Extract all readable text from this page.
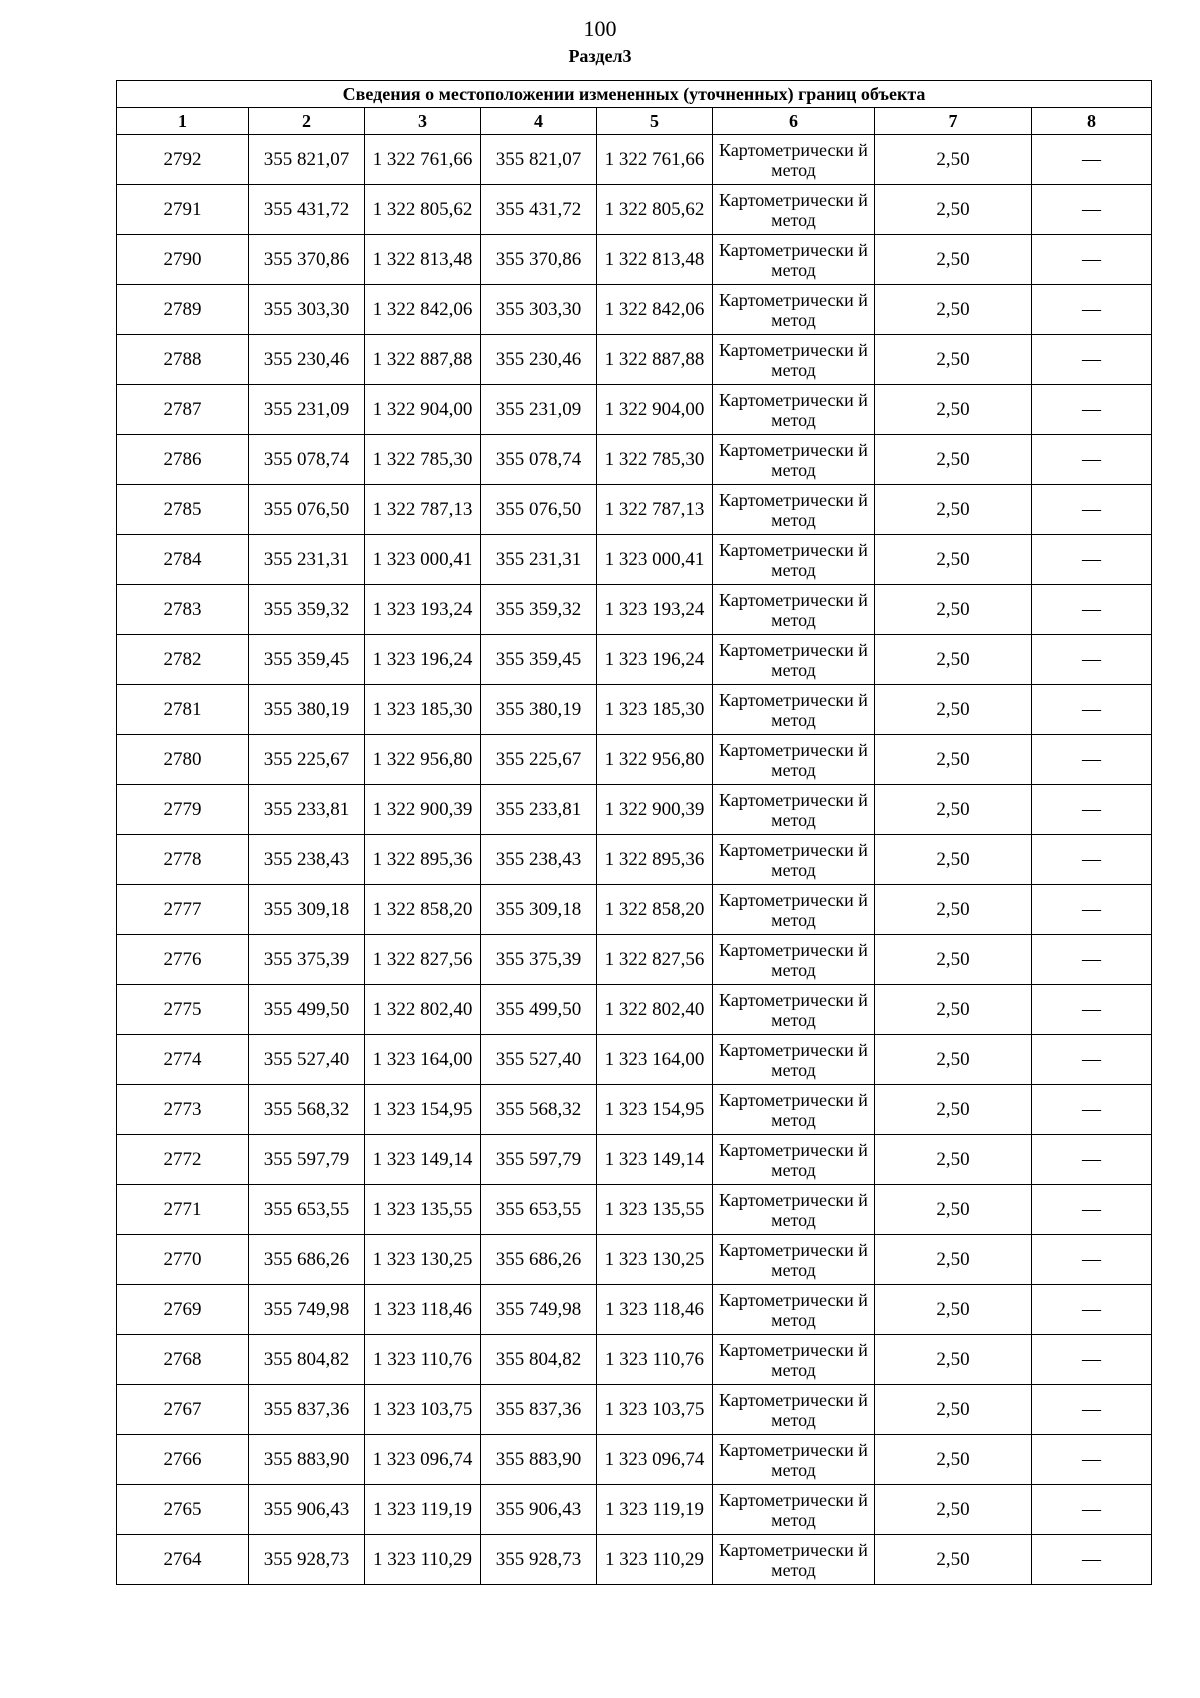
100
Раздел3
Сведения о местоположении измененных (уточненных) границ объекта							
1	2	3	4	5	6	7	8
2792	355 821,07	1 322 761,66	355 821,07	1 322 761,66	Картометрически й метод	2,50	—
2791	355 431,72	1 322 805,62	355 431,72	1 322 805,62	Картометрически й метод	2,50	—
2790	355 370,86	1 322 813,48	355 370,86	1 322 813,48	Картометрически й метод	2,50	—
2789	355 303,30	1 322 842,06	355 303,30	1 322 842,06	Картометрически й метод	2,50	—
2788	355 230,46	1 322 887,88	355 230,46	1 322 887,88	Картометрически й метод	2,50	—
2787	355 231,09	1 322 904,00	355 231,09	1 322 904,00	Картометрически й метод	2,50	—
2786	355 078,74	1 322 785,30	355 078,74	1 322 785,30	Картометрически й метод	2,50	—
2785	355 076,50	1 322 787,13	355 076,50	1 322 787,13	Картометрически й метод	2,50	—
2784	355 231,31	1 323 000,41	355 231,31	1 323 000,41	Картометрически й метод	2,50	—
2783	355 359,32	1 323 193,24	355 359,32	1 323 193,24	Картометрически й метод	2,50	—
2782	355 359,45	1 323 196,24	355 359,45	1 323 196,24	Картометрически й метод	2,50	—
2781	355 380,19	1 323 185,30	355 380,19	1 323 185,30	Картометрически й метод	2,50	—
2780	355 225,67	1 322 956,80	355 225,67	1 322 956,80	Картометрически й метод	2,50	—
2779	355 233,81	1 322 900,39	355 233,81	1 322 900,39	Картометрически й метод	2,50	—
2778	355 238,43	1 322 895,36	355 238,43	1 322 895,36	Картометрически й метод	2,50	—
2777	355 309,18	1 322 858,20	355 309,18	1 322 858,20	Картометрически й метод	2,50	—
2776	355 375,39	1 322 827,56	355 375,39	1 322 827,56	Картометрически й метод	2,50	—
2775	355 499,50	1 322 802,40	355 499,50	1 322 802,40	Картометрически й метод	2,50	—
2774	355 527,40	1 323 164,00	355 527,40	1 323 164,00	Картометрически й метод	2,50	—
2773	355 568,32	1 323 154,95	355 568,32	1 323 154,95	Картометрически й метод	2,50	—
2772	355 597,79	1 323 149,14	355 597,79	1 323 149,14	Картометрически й метод	2,50	—
2771	355 653,55	1 323 135,55	355 653,55	1 323 135,55	Картометрически й метод	2,50	—
2770	355 686,26	1 323 130,25	355 686,26	1 323 130,25	Картометрически й метод	2,50	—
2769	355 749,98	1 323 118,46	355 749,98	1 323 118,46	Картометрически й метод	2,50	—
2768	355 804,82	1 323 110,76	355 804,82	1 323 110,76	Картометрически й метод	2,50	—
2767	355 837,36	1 323 103,75	355 837,36	1 323 103,75	Картометрически й метод	2,50	—
2766	355 883,90	1 323 096,74	355 883,90	1 323 096,74	Картометрически й метод	2,50	—
2765	355 906,43	1 323 119,19	355 906,43	1 323 119,19	Картометрически й метод	2,50	—
2764	355 928,73	1 323 110,29	355 928,73	1 323 110,29	Картометрически й метод	2,50	—
